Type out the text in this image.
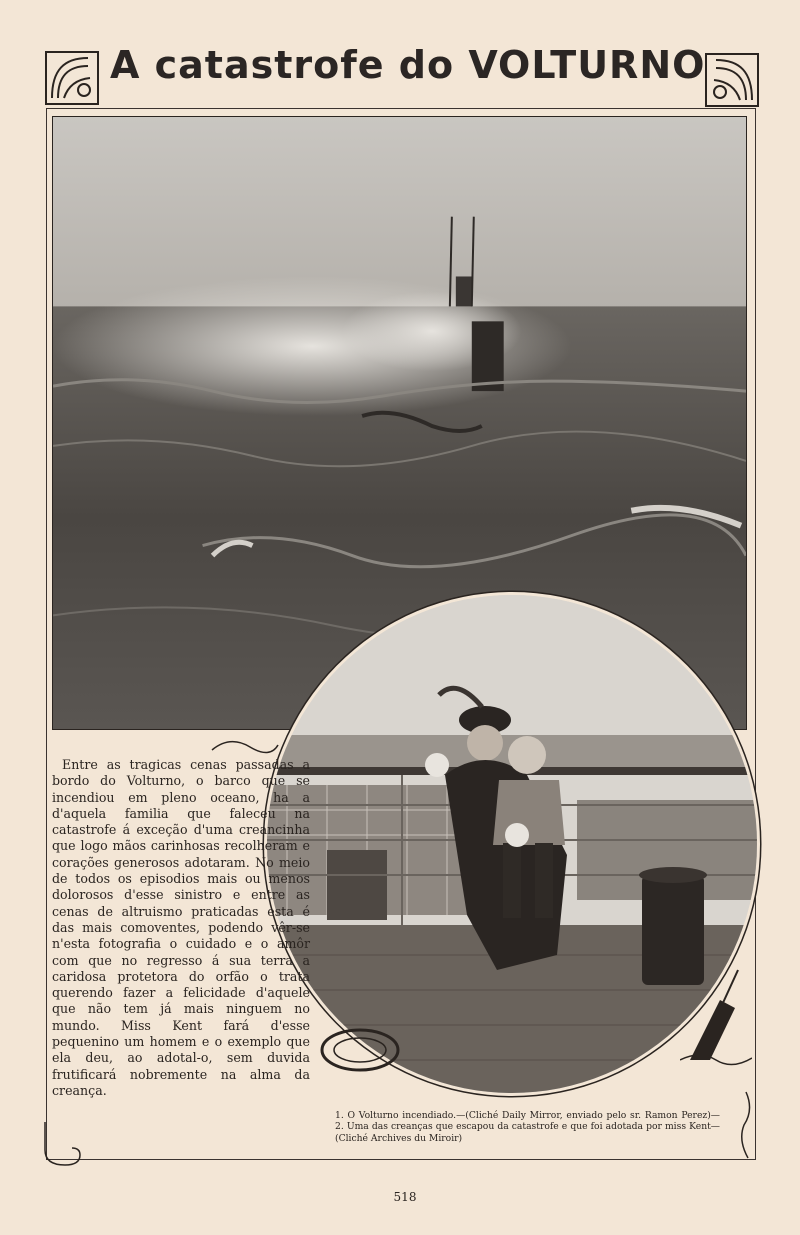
A catastrofe do VOLTURNO

Entre as tragicas cenas passadas a bordo do Volturno, o barco que se incendiou em pleno oceano, ha a d'aquela familia que faleceu na catastrofe á exceção d'uma creancinha que logo mãos carinhosas recolheram e corações generosos adotaram. No meio de todos os episodios mais ou menos dolorosos d'esse sinistro e entre as cenas de altruismo praticadas esta é das mais comoventes, podendo vêr-se n'esta fotografia o cuidado e o amôr com que no regresso á sua terra a caridosa protetora do orfão o trata querendo fazer a felicidade d'aquele que não tem já mais ninguem no mundo. Miss Kent fará d'esse pequenino um homem e o exemplo que ela deu, ao adotal-o, sem duvida frutificará nobremente na alma da creança.

1. O Volturno incendiado.—(Cliché Daily Mirror, enviado pelo sr. Ramon Perez)—2. Uma das creanças que escapou da catastrofe e que foi adotada por miss Kent—(Cliché Archives du Miroir)
518
